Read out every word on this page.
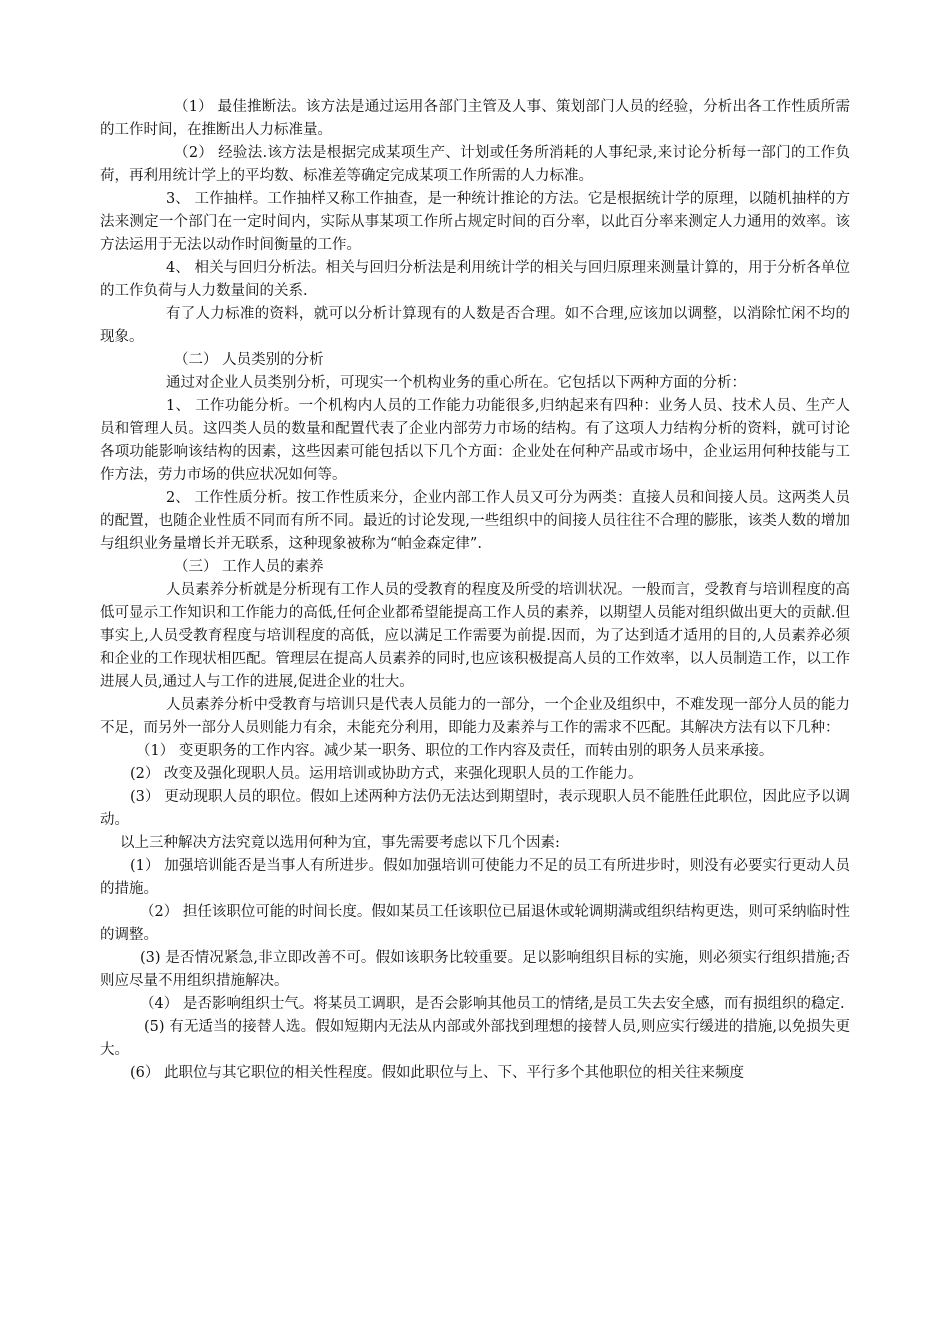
（1） 最佳推断法。该方法是通过运用各部门主管及人事、策划部门人员的经验，分析出各工作性质所需的工作时间，在推断出人力标准量。

（2） 经验法.该方法是根据完成某项生产、计划或任务所消耗的人事纪录,来讨论分析每一部门的工作负荷，再利用统计学上的平均数、标准差等确定完成某项工作所需的人力标准。

3、 工作抽样。工作抽样又称工作抽查，是一种统计推论的方法。它是根据统计学的原理，以随机抽样的方法来测定一个部门在一定时间内，实际从事某项工作所占规定时间的百分率，以此百分率来测定人力通用的效率。该方法运用于无法以动作时间衡量的工作。

4、 相关与回归分析法。相关与回归分析法是利用统计学的相关与回归原理来测量计算的，用于分析各单位的工作负荷与人力数量间的关系.

有了人力标准的资料，就可以分析计算现有的人数是否合理。如不合理,应该加以调整，以消除忙闲不均的现象。

（二） 人员类别的分析

通过对企业人员类别分析，可现实一个机构业务的重心所在。它包括以下两种方面的分析：

1、 工作功能分析。一个机构内人员的工作能力功能很多,归纳起来有四种：业务人员、技术人员、生产人员和管理人员。这四类人员的数量和配置代表了企业内部劳力市场的结构。有了这项人力结构分析的资料，就可讨论各项功能影响该结构的因素，这些因素可能包括以下几个方面：企业处在何种产品或市场中，企业运用何种技能与工作方法，劳力市场的供应状况如何等。

2、 工作性质分析。按工作性质来分，企业内部工作人员又可分为两类：直接人员和间接人员。这两类人员的配置，也随企业性质不同而有所不同。最近的讨论发现,一些组织中的间接人员往往不合理的膨胀，该类人数的增加与组织业务量增长并无联系，这种现象被称为“帕金森定律”.

（三） 工作人员的素养

人员素养分析就是分析现有工作人员的受教育的程度及所受的培训状况。一般而言，受教育与培训程度的高低可显示工作知识和工作能力的高低,任何企业都希望能提高工作人员的素养，以期望人员能对组织做出更大的贡献.但事实上,人员受教育程度与培训程度的高低，应以满足工作需要为前提.因而，为了达到适才适用的目的,人员素养必须和企业的工作现状相匹配。管理层在提高人员素养的同时,也应该积极提高人员的工作效率，以人员制造工作，以工作进展人员,通过人与工作的进展,促进企业的壮大。

人员素养分析中受教育与培训只是代表人员能力的一部分，一个企业及组织中，不难发现一部分人员的能力不足，而另外一部分人员则能力有余，未能充分利用，即能力及素养与工作的需求不匹配。其解决方法有以下几种：

（1） 变更职务的工作内容。减少某一职务、职位的工作内容及责任，而转由别的职务人员来承接。

(2） 改变及强化现职人员。运用培训或协助方式，来强化现职人员的工作能力。

(3） 更动现职人员的职位。假如上述两种方法仍无法达到期望时，表示现职人员不能胜任此职位，因此应予以调动。

以上三种解决方法究竟以选用何种为宜，事先需要考虑以下几个因素:

(1） 加强培训能否是当事人有所进步。假如加强培训可使能力不足的员工有所进步时，则没有必要实行更动人员的措施。

（2） 担任该职位可能的时间长度。假如某员工任该职位已届退休或轮调期满或组织结构更迭，则可采纳临时性的调整。

(3) 是否情况紧急,非立即改善不可。假如该职务比较重要。足以影响组织目标的实施，则必须实行组织措施;否则应尽量不用组织措施解决。

（4） 是否影响组织士气。将某员工调职，是否会影响其他员工的情绪,是员工失去安全感，而有损组织的稳定.

(5) 有无适当的接替人选。假如短期内无法从内部或外部找到理想的接替人员,则应实行缓进的措施,以免损失更大。

(6） 此职位与其它职位的相关性程度。假如此职位与上、下、平行多个其他职位的相关往来频度
